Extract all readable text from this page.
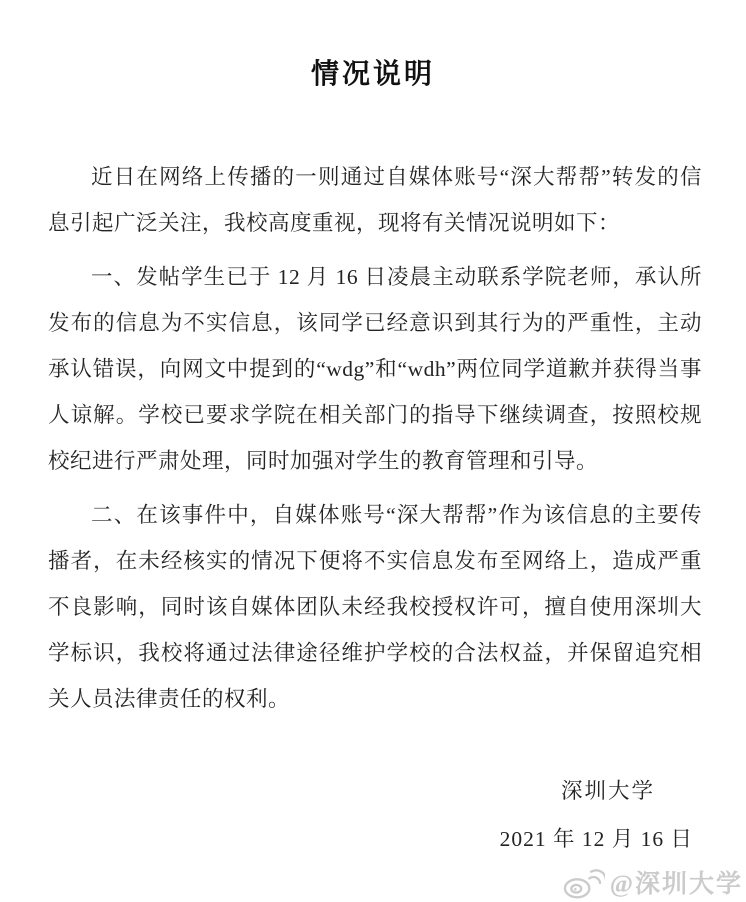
情况说明

近日在网络上传播的一则通过自媒体账号“深大帮帮”转发的信息引起广泛关注，我校高度重视，现将有关情况说明如下：

一、发帖学生已于 12 月 16 日凌晨主动联系学院老师，承认所发布的信息为不实信息，该同学已经意识到其行为的严重性，主动承认错误，向网文中提到的“wdg”和“wdh”两位同学道歉并获得当事人谅解。学校已要求学院在相关部门的指导下继续调查，按照校规校纪进行严肃处理，同时加强对学生的教育管理和引导。

二、在该事件中，自媒体账号“深大帮帮”作为该信息的主要传播者，在未经核实的情况下便将不实信息发布至网络上，造成严重不良影响，同时该自媒体团队未经我校授权许可，擅自使用深圳大学标识，我校将通过法律途径维护学校的合法权益，并保留追究相关人员法律责任的权利。

深圳大学
2021 年 12 月 16 日
@深圳大学
